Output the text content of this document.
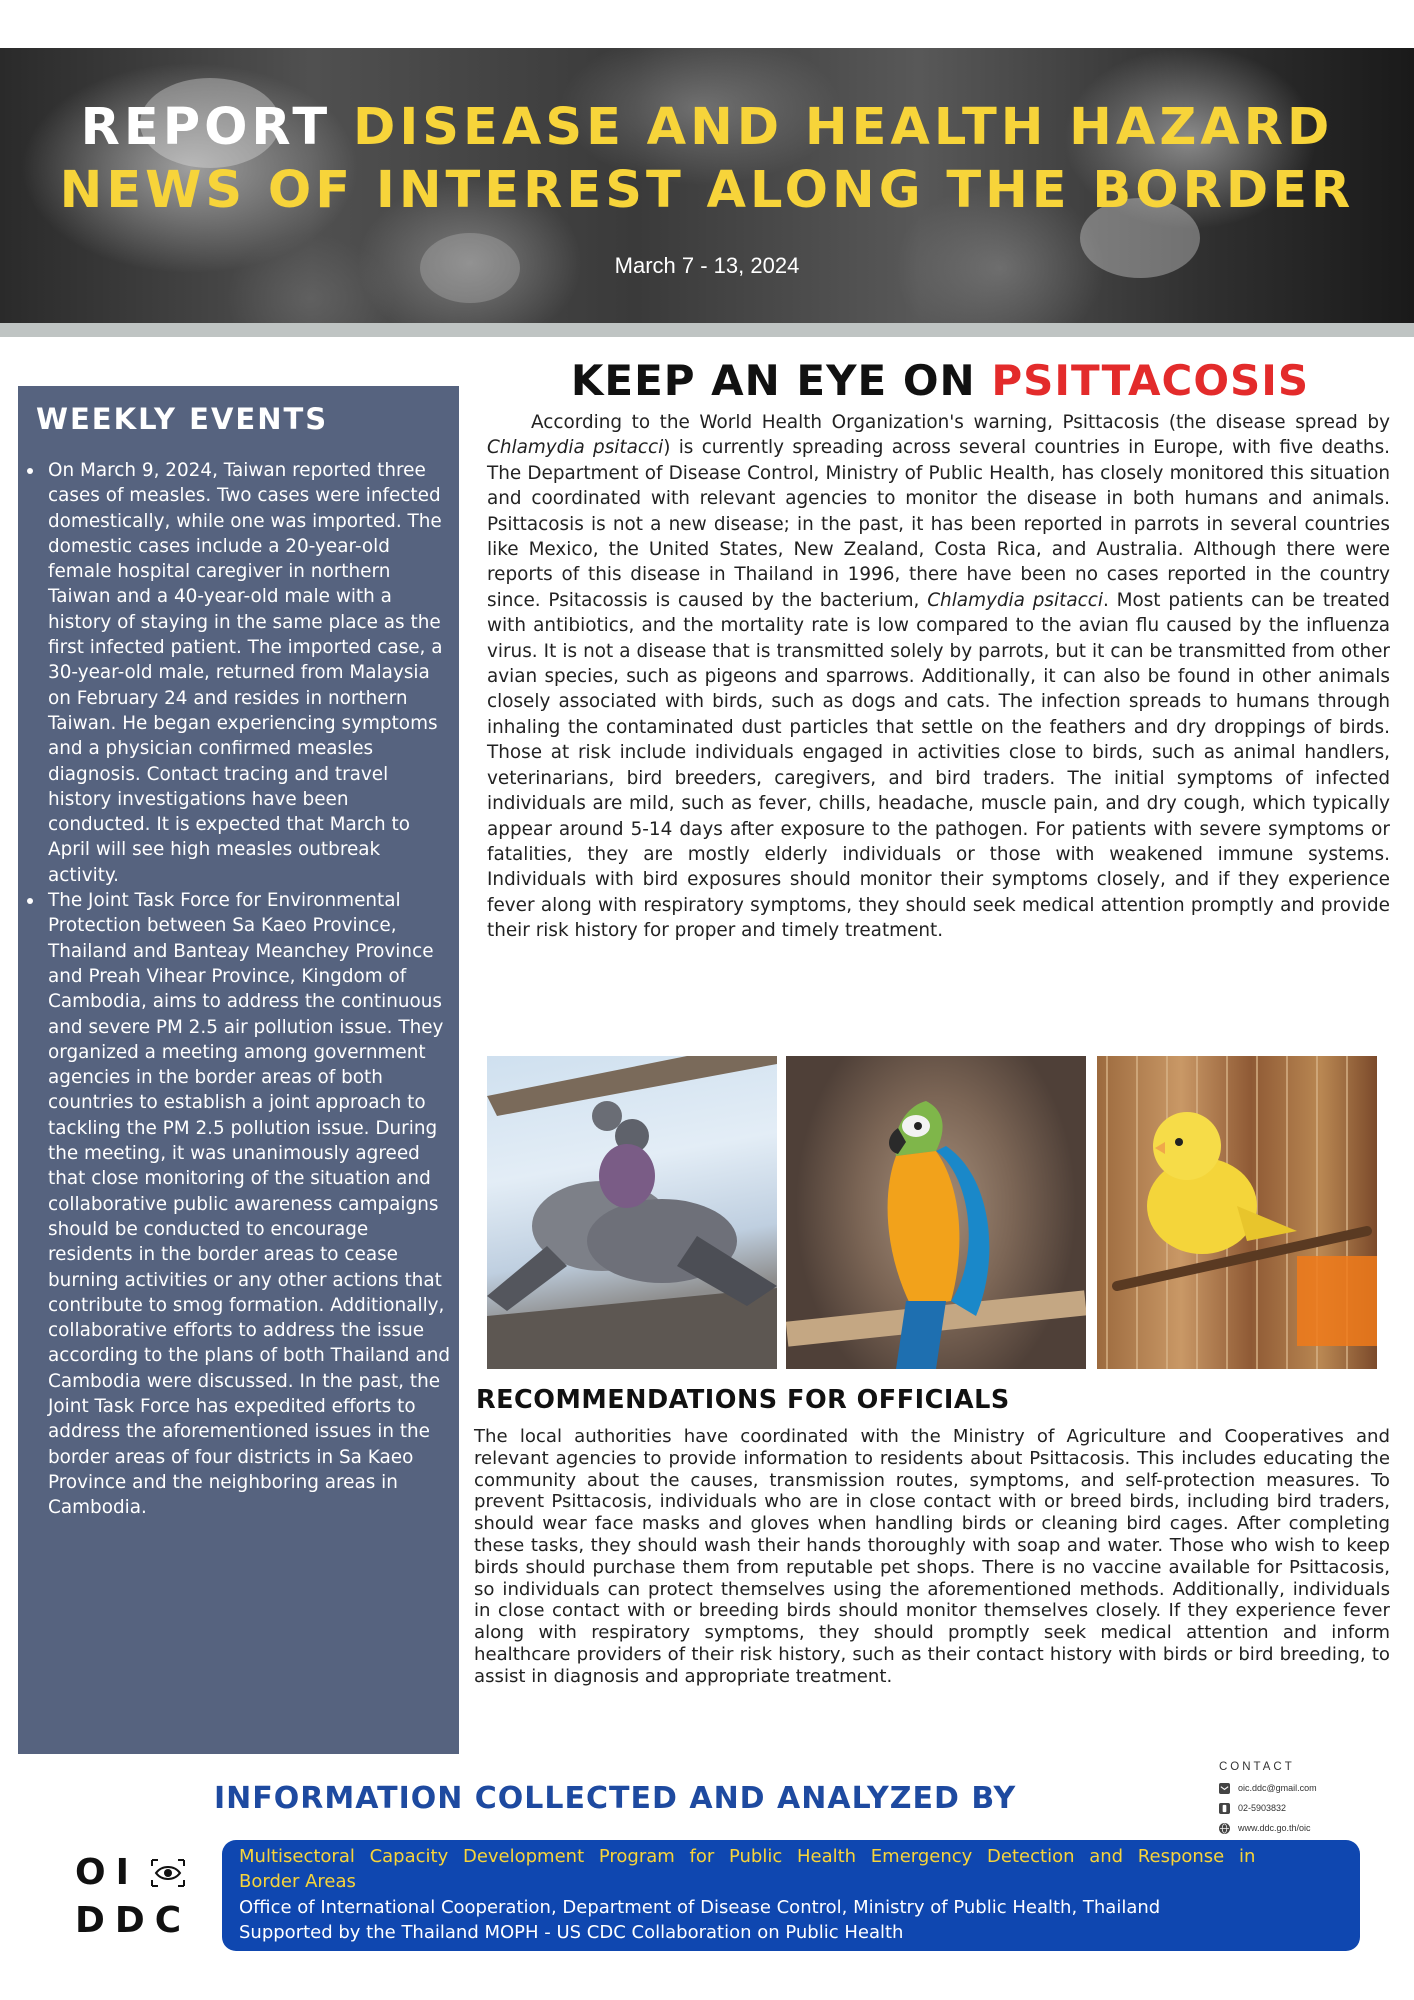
REPORT DISEASE AND HEALTH HAZARD
NEWS OF INTEREST ALONG THE BORDER
March 7 - 13, 2024
WEEKLY EVENTS
On March 9, 2024, Taiwan reported three cases of measles. Two cases were infected domestically, while one was imported. The domestic cases include a 20-year-old female hospital caregiver in northern Taiwan and a 40-year-old male with a history of staying in the same place as the first infected patient. The imported case, a 30-year-old male, returned from Malaysia on February 24 and resides in northern Taiwan. He began experiencing symptoms and a physician confirmed measles diagnosis. Contact tracing and travel history investigations have been conducted. It is expected that March to April will see high measles outbreak activity.
The Joint Task Force for Environmental Protection between Sa Kaeo Province, Thailand and Banteay Meanchey Province and Preah Vihear Province, Kingdom of Cambodia, aims to address the continuous and severe PM 2.5 air pollution issue. They organized a meeting among government agencies in the border areas of both countries to establish a joint approach to tackling the PM 2.5 pollution issue. During the meeting, it was unanimously agreed that close monitoring of the situation and collaborative public awareness campaigns should be conducted to encourage residents in the border areas to cease burning activities or any other actions that contribute to smog formation. Additionally, collaborative efforts to address the issue according to the plans of both Thailand and Cambodia were discussed. In the past, the Joint Task Force has expedited efforts to address the aforementioned issues in the border areas of four districts in Sa Kaeo Province and the neighboring areas in Cambodia.
KEEP AN EYE ON PSITTACOSIS

According to the World Health Organization's warning, Psittacosis (the disease spread by Chlamydia psitacci) is currently spreading across several countries in Europe, with five deaths. The Department of Disease Control, Ministry of Public Health, has closely monitored this situation and coordinated with relevant agencies to monitor the disease in both humans and animals. Psittacosis is not a new disease; in the past, it has been reported in parrots in several countries like Mexico, the United States, New Zealand, Costa Rica, and Australia. Although there were reports of this disease in Thailand in 1996, there have been no cases reported in the country since. Psitacossis is caused by the bacterium, Chlamydia psitacci. Most patients can be treated with antibiotics, and the mortality rate is low compared to the avian flu caused by the influenza virus. It is not a disease that is transmitted solely by parrots, but it can be transmitted from other avian species, such as pigeons and sparrows. Additionally, it can also be found in other animals closely associated with birds, such as dogs and cats. The infection spreads to humans through inhaling the contaminated dust particles that settle on the feathers and dry droppings of birds. Those at risk include individuals engaged in activities close to birds, such as animal handlers, veterinarians, bird breeders, caregivers, and bird traders. The initial symptoms of infected individuals are mild, such as fever, chills, headache, muscle pain, and dry cough, which typically appear around 5-14 days after exposure to the pathogen. For patients with severe symptoms or fatalities, they are mostly elderly individuals or those with weakened immune systems. Individuals with bird exposures should monitor their symptoms closely, and if they experience fever along with respiratory symptoms, they should seek medical attention promptly and provide their risk history for proper and timely treatment.

RECOMMENDATIONS FOR OFFICIALS

The local authorities have coordinated with the Ministry of Agriculture and Cooperatives and relevant agencies to provide information to residents about Psittacosis. This includes educating the community about the causes, transmission routes, symptoms, and self-protection measures. To prevent Psittacosis, individuals who are in close contact with or breed birds, including bird traders, should wear face masks and gloves when handling birds or cleaning bird cages. After completing these tasks, they should wash their hands thoroughly with soap and water. Those who wish to keep birds should purchase them from reputable pet shops. There is no vaccine available for Psittacosis, so individuals can protect themselves using the aforementioned methods. Additionally, individuals in close contact with or breeding birds should monitor themselves closely. If they experience fever along with respiratory symptoms, they should promptly seek medical attention and inform healthcare providers of their risk history, such as their contact history with birds or bird breeding, to assist in diagnosis and appropriate treatment.

CONTACT
oic.ddc@gmail.com
02-5903832
www.ddc.go.th/oic
INFORMATION COLLECTED AND ANALYZED BY
OI
DDC
Multisectoral Capacity Development Program for Public Health Emergency Detection and Response in
Border Areas
Office of International Cooperation, Department of Disease Control, Ministry of Public Health, Thailand
Supported by the Thailand MOPH - US CDC Collaboration on Public Health
